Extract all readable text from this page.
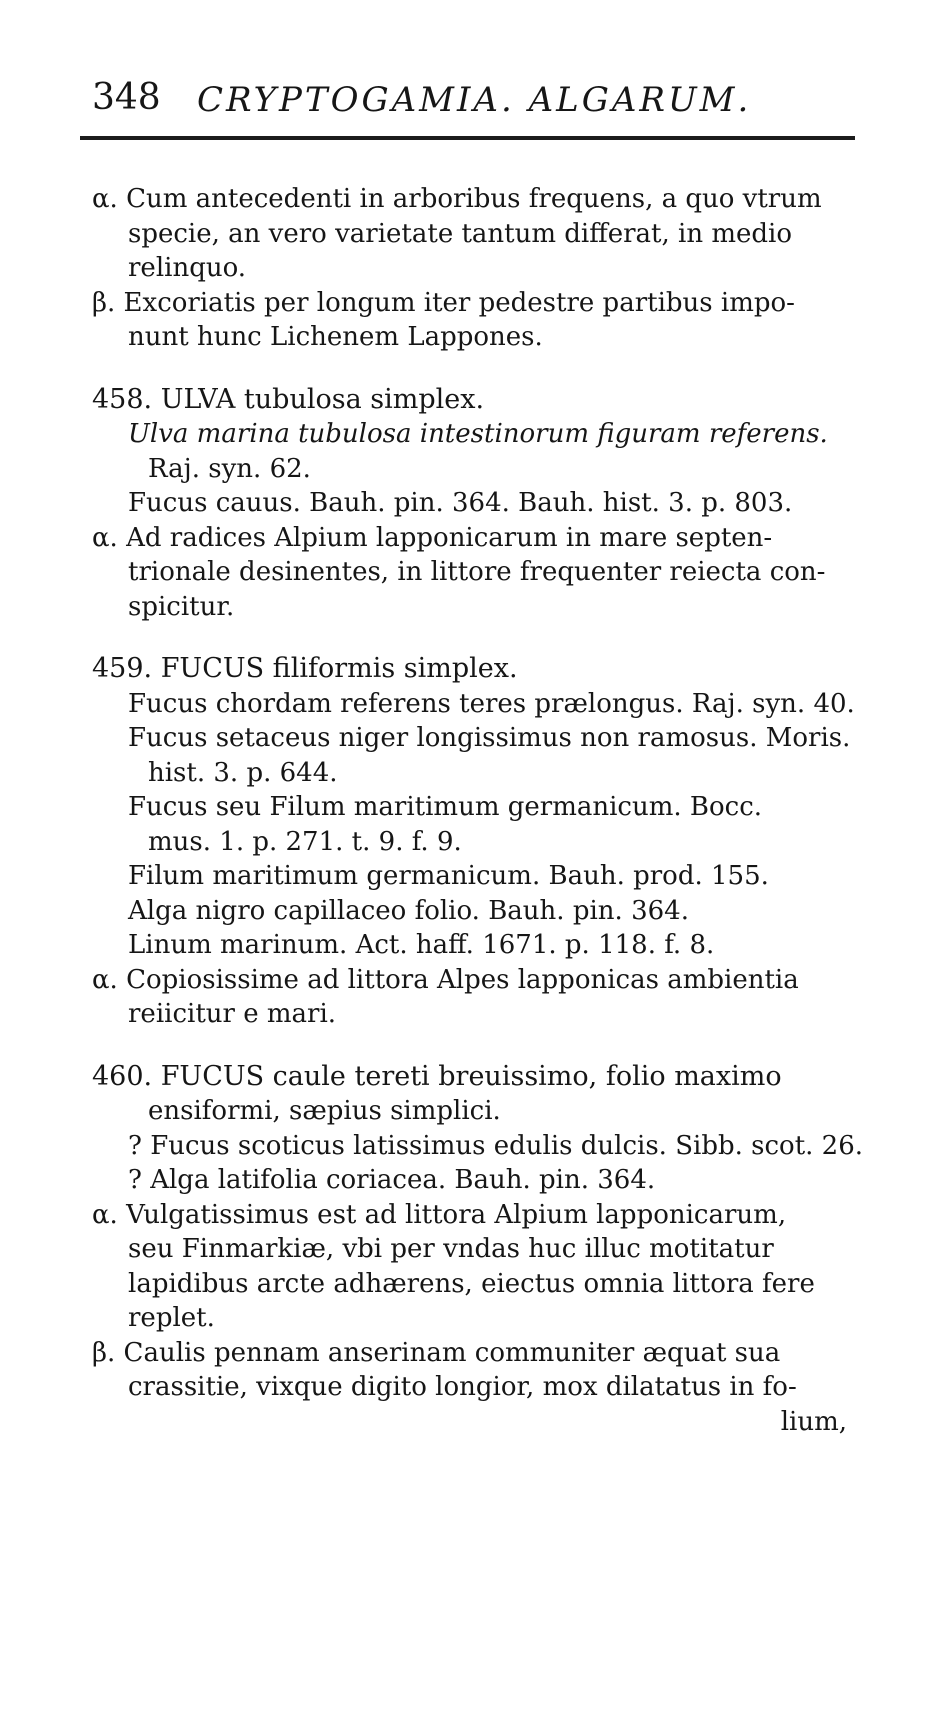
348 CRYPTOGAMIA. ALGARUM.
α. Cum antecedenti in arboribus frequens, a quo vtrum
specie, an vero varietate tantum differat, in medio
relinquo.
β. Excoriatis per longum iter pedestre partibus impo-
nunt hunc Lichenem Lappones.
458. ULVA tubulosa simplex.
Ulva marina tubulosa intestinorum figuram referens.
Raj. syn. 62.
Fucus cauus. Bauh. pin. 364. Bauh. hist. 3. p. 803.
α. Ad radices Alpium lapponicarum in mare septen-
trionale desinentes, in littore frequenter reiecta con-
spicitur.
459. FUCUS filiformis simplex.
Fucus chordam referens teres prælongus. Raj. syn. 40.
Fucus setaceus niger longissimus non ramosus. Moris.
hist. 3. p. 644.
Fucus seu Filum maritimum germanicum. Bocc.
mus. 1. p. 271. t. 9. f. 9.
Filum maritimum germanicum. Bauh. prod. 155.
Alga nigro capillaceo folio. Bauh. pin. 364.
Linum marinum. Act. haff. 1671. p. 118. f. 8.
α. Copiosissime ad littora Alpes lapponicas ambientia
reiicitur e mari.
460. FUCUS caule tereti breuissimo, folio maximo
ensiformi, sæpius simplici.
? Fucus scoticus latissimus edulis dulcis. Sibb. scot. 26.
? Alga latifolia coriacea. Bauh. pin. 364.
α. Vulgatissimus est ad littora Alpium lapponicarum,
seu Finmarkiæ, vbi per vndas huc illuc motitatur
lapidibus arcte adhærens, eiectus omnia littora fere
replet.
β. Caulis pennam anserinam communiter æquat sua
crassitie, vixque digito longior, mox dilatatus in fo-
lium,
